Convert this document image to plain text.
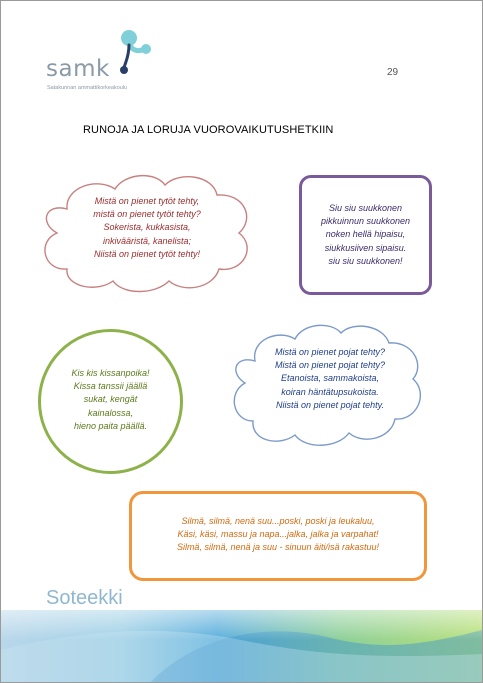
samk
Satakunnan ammattikorkeakoulu
29
RUNOJA JA LORUJA VUOROVAIKUTUSHETKIIN
Mistä on pienet tytöt tehty,
mistä on pienet tytöt tehty?
Sokerista, kukkasista,
inkivääristä, kanelista;
Niistä on pienet tytöt tehty!
Siu siu suukkonen
pikkuinnun suukkonen
noken hellä hipaisu,
siukkusiiven sipaisu.
siu siu suukkonen!
Kis kis kissanpoika!
Kissa tanssii jäällä
sukat, kengät
kainalossa,
hieno paita päällä.
Mistä on pienet pojat tehty?
Mistä on pienet pojat tehty?
Etanoista, sammakoista,
koiran häntätupsukoista.
Niistä on pienet pojat tehty.
Silmä, silmä, nenä suu...poski, poski ja leukaluu,
Käsi, käsi, massu ja napa...jalka, jalka ja varpahat!
Silmä, silmä, nenä ja suu - sinuun äiti/isä rakastuu!
Soteekki
